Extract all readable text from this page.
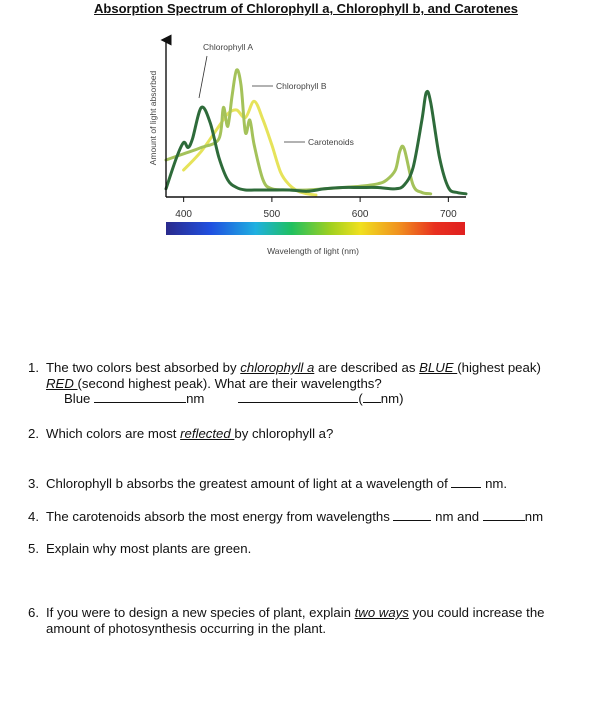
Absorption Spectrum of Chlorophyll a, Chlorophyll b, and Carotenes
Amount of light absorbed
400	500	600	700
Wavelength of light (nm)
Chlorophyll A
Chlorophyll B
Carotenoids
1. The two colors best absorbed by chlorophyll a are described as BLUE (highest peak)
RED (second highest peak). What are their wavelengths?
Blue	nm	( nm)
2. Which colors are most reflected by chlorophyll a?
3. Chlorophyll b absorbs the greatest amount of light at a wavelength of  nm.
4. The carotenoids absorb the most energy from wavelengths	nm and	nm
5. Explain why most plants are green.
6. If you were to design a new species of plant, explain two ways you could increase the
amount of photosynthesis occurring in the plant.
